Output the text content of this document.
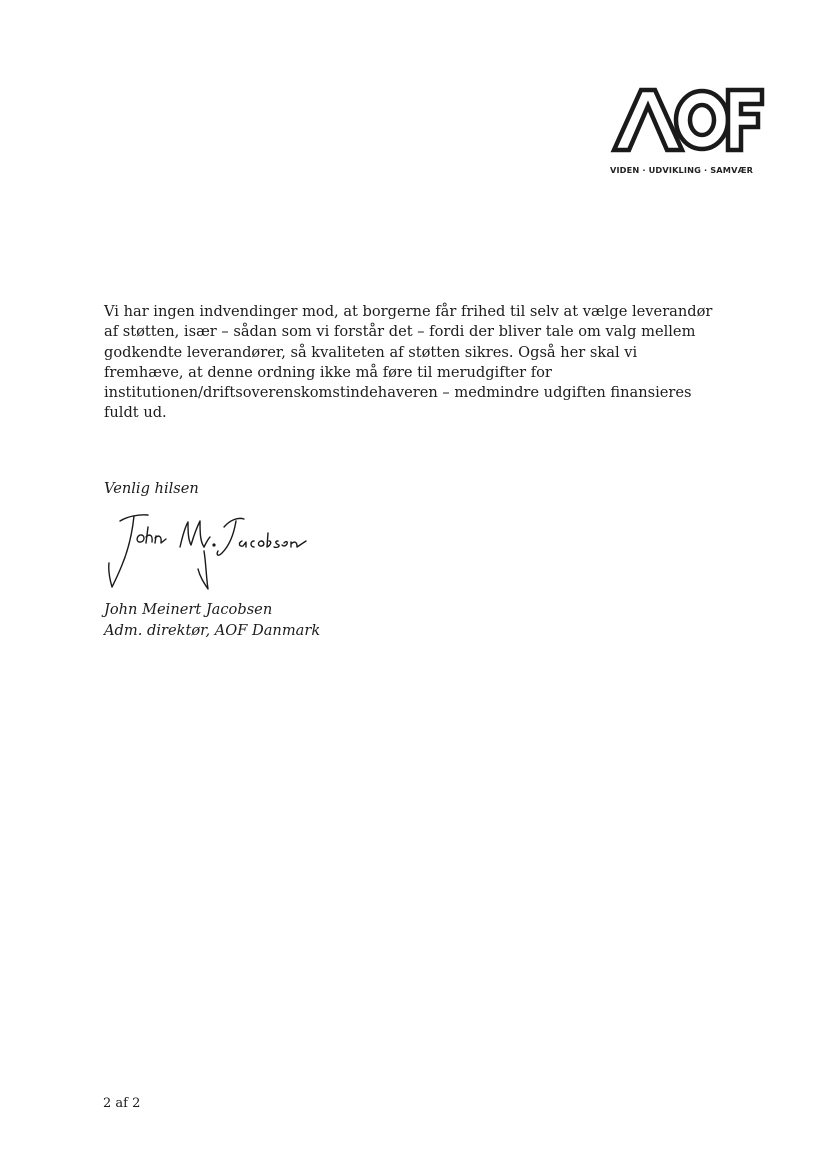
VIDEN · UDVIKLING · SAMVÆR
Vi har ingen indvendinger mod, at borgerne får frihed til selv at vælge leverandør
af støtten, især – sådan som vi forstår det – fordi der bliver tale om valg mellem
godkendte leverandører, så kvaliteten af støtten sikres. Også her skal vi
fremhæve, at denne ordning ikke må føre til merudgifter for
institutionen/driftsoverenskomstindehaveren – medmindre udgiften finansieres
fuldt ud.
Venlig hilsen
John Meinert Jacobsen
Adm. direktør, AOF Danmark
2 af 2
